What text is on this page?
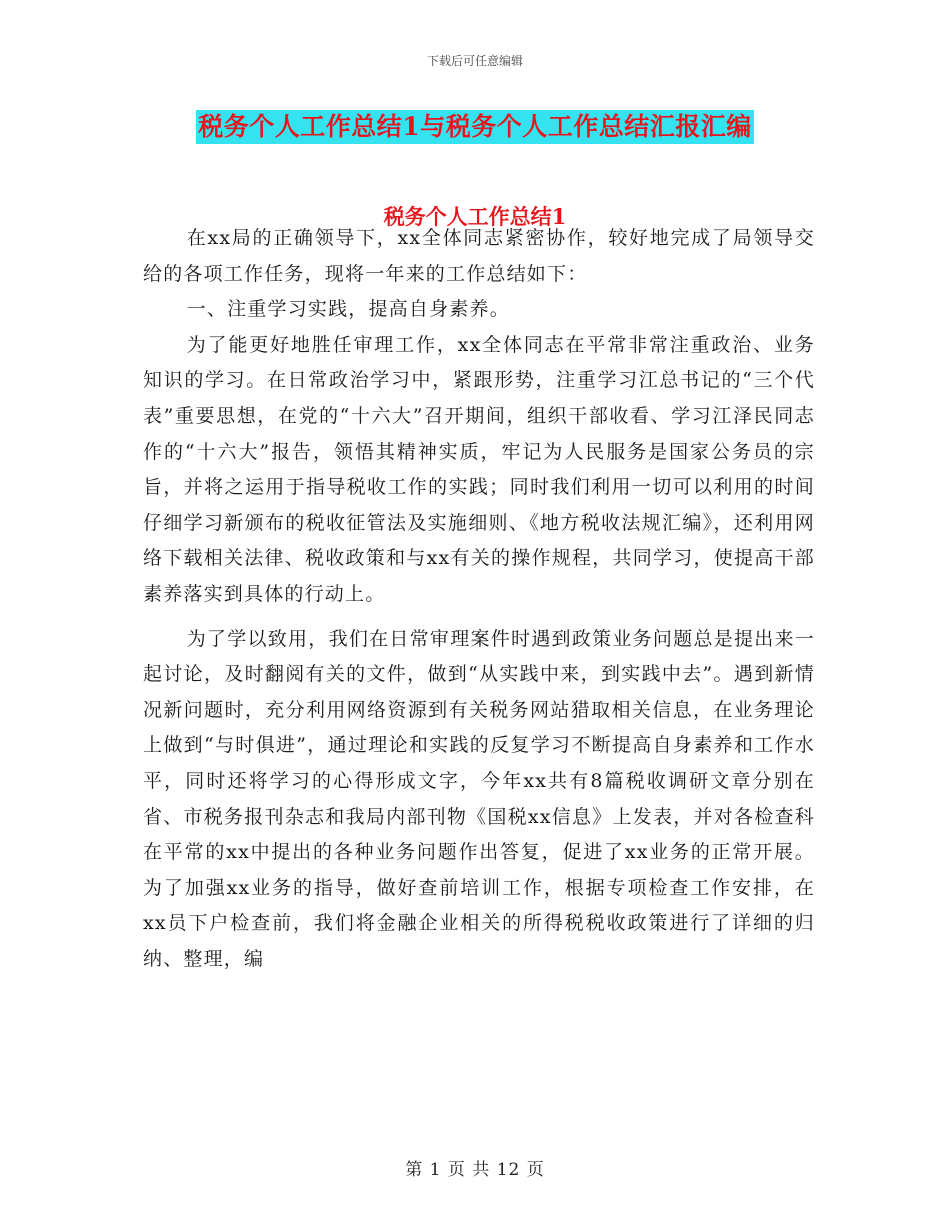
下载后可任意编辑
税务个人工作总结1与税务个人工作总结汇报汇编
税务个人工作总结1

在xx局的正确领导下，xx全体同志紧密协作，较好地完成了局领导交给的各项工作任务，现将一年来的工作总结如下：

一、注重学习实践，提高自身素养。

为了能更好地胜任审理工作，xx全体同志在平常非常注重政治、业务知识的学习。在日常政治学习中，紧跟形势，注重学习江总书记的“三个代表”重要思想，在党的“十六大”召开期间，组织干部收看、学习江泽民同志作的“十六大”报告，领悟其精神实质，牢记为人民服务是国家公务员的宗旨，并将之运用于指导税收工作的实践；同时我们利用一切可以利用的时间仔细学习新颁布的税收征管法及实施细则、《地方税收法规汇编》，还利用网络下载相关法律、税收政策和与xx有关的操作规程，共同学习，使提高干部素养落实到具体的行动上。

为了学以致用，我们在日常审理案件时遇到政策业务问题总是提出来一起讨论，及时翻阅有关的文件，做到“从实践中来，到实践中去”。遇到新情况新问题时，充分利用网络资源到有关税务网站猎取相关信息，在业务理论上做到“与时俱进”，通过理论和实践的反复学习不断提高自身素养和工作水平，同时还将学习的心得形成文字，今年xx共有8篇税收调研文章分别在省、市税务报刊杂志和我局内部刊物《国税xx信息》上发表，并对各检查科在平常的xx中提出的各种业务问题作出答复，促进了xx业务的正常开展。为了加强xx业务的指导，做好查前培训工作，根据专项检查工作安排，在xx员下户检查前，我们将金融企业相关的所得税税收政策进行了详细的归纳、整理，编

第 1 页 共 12 页
